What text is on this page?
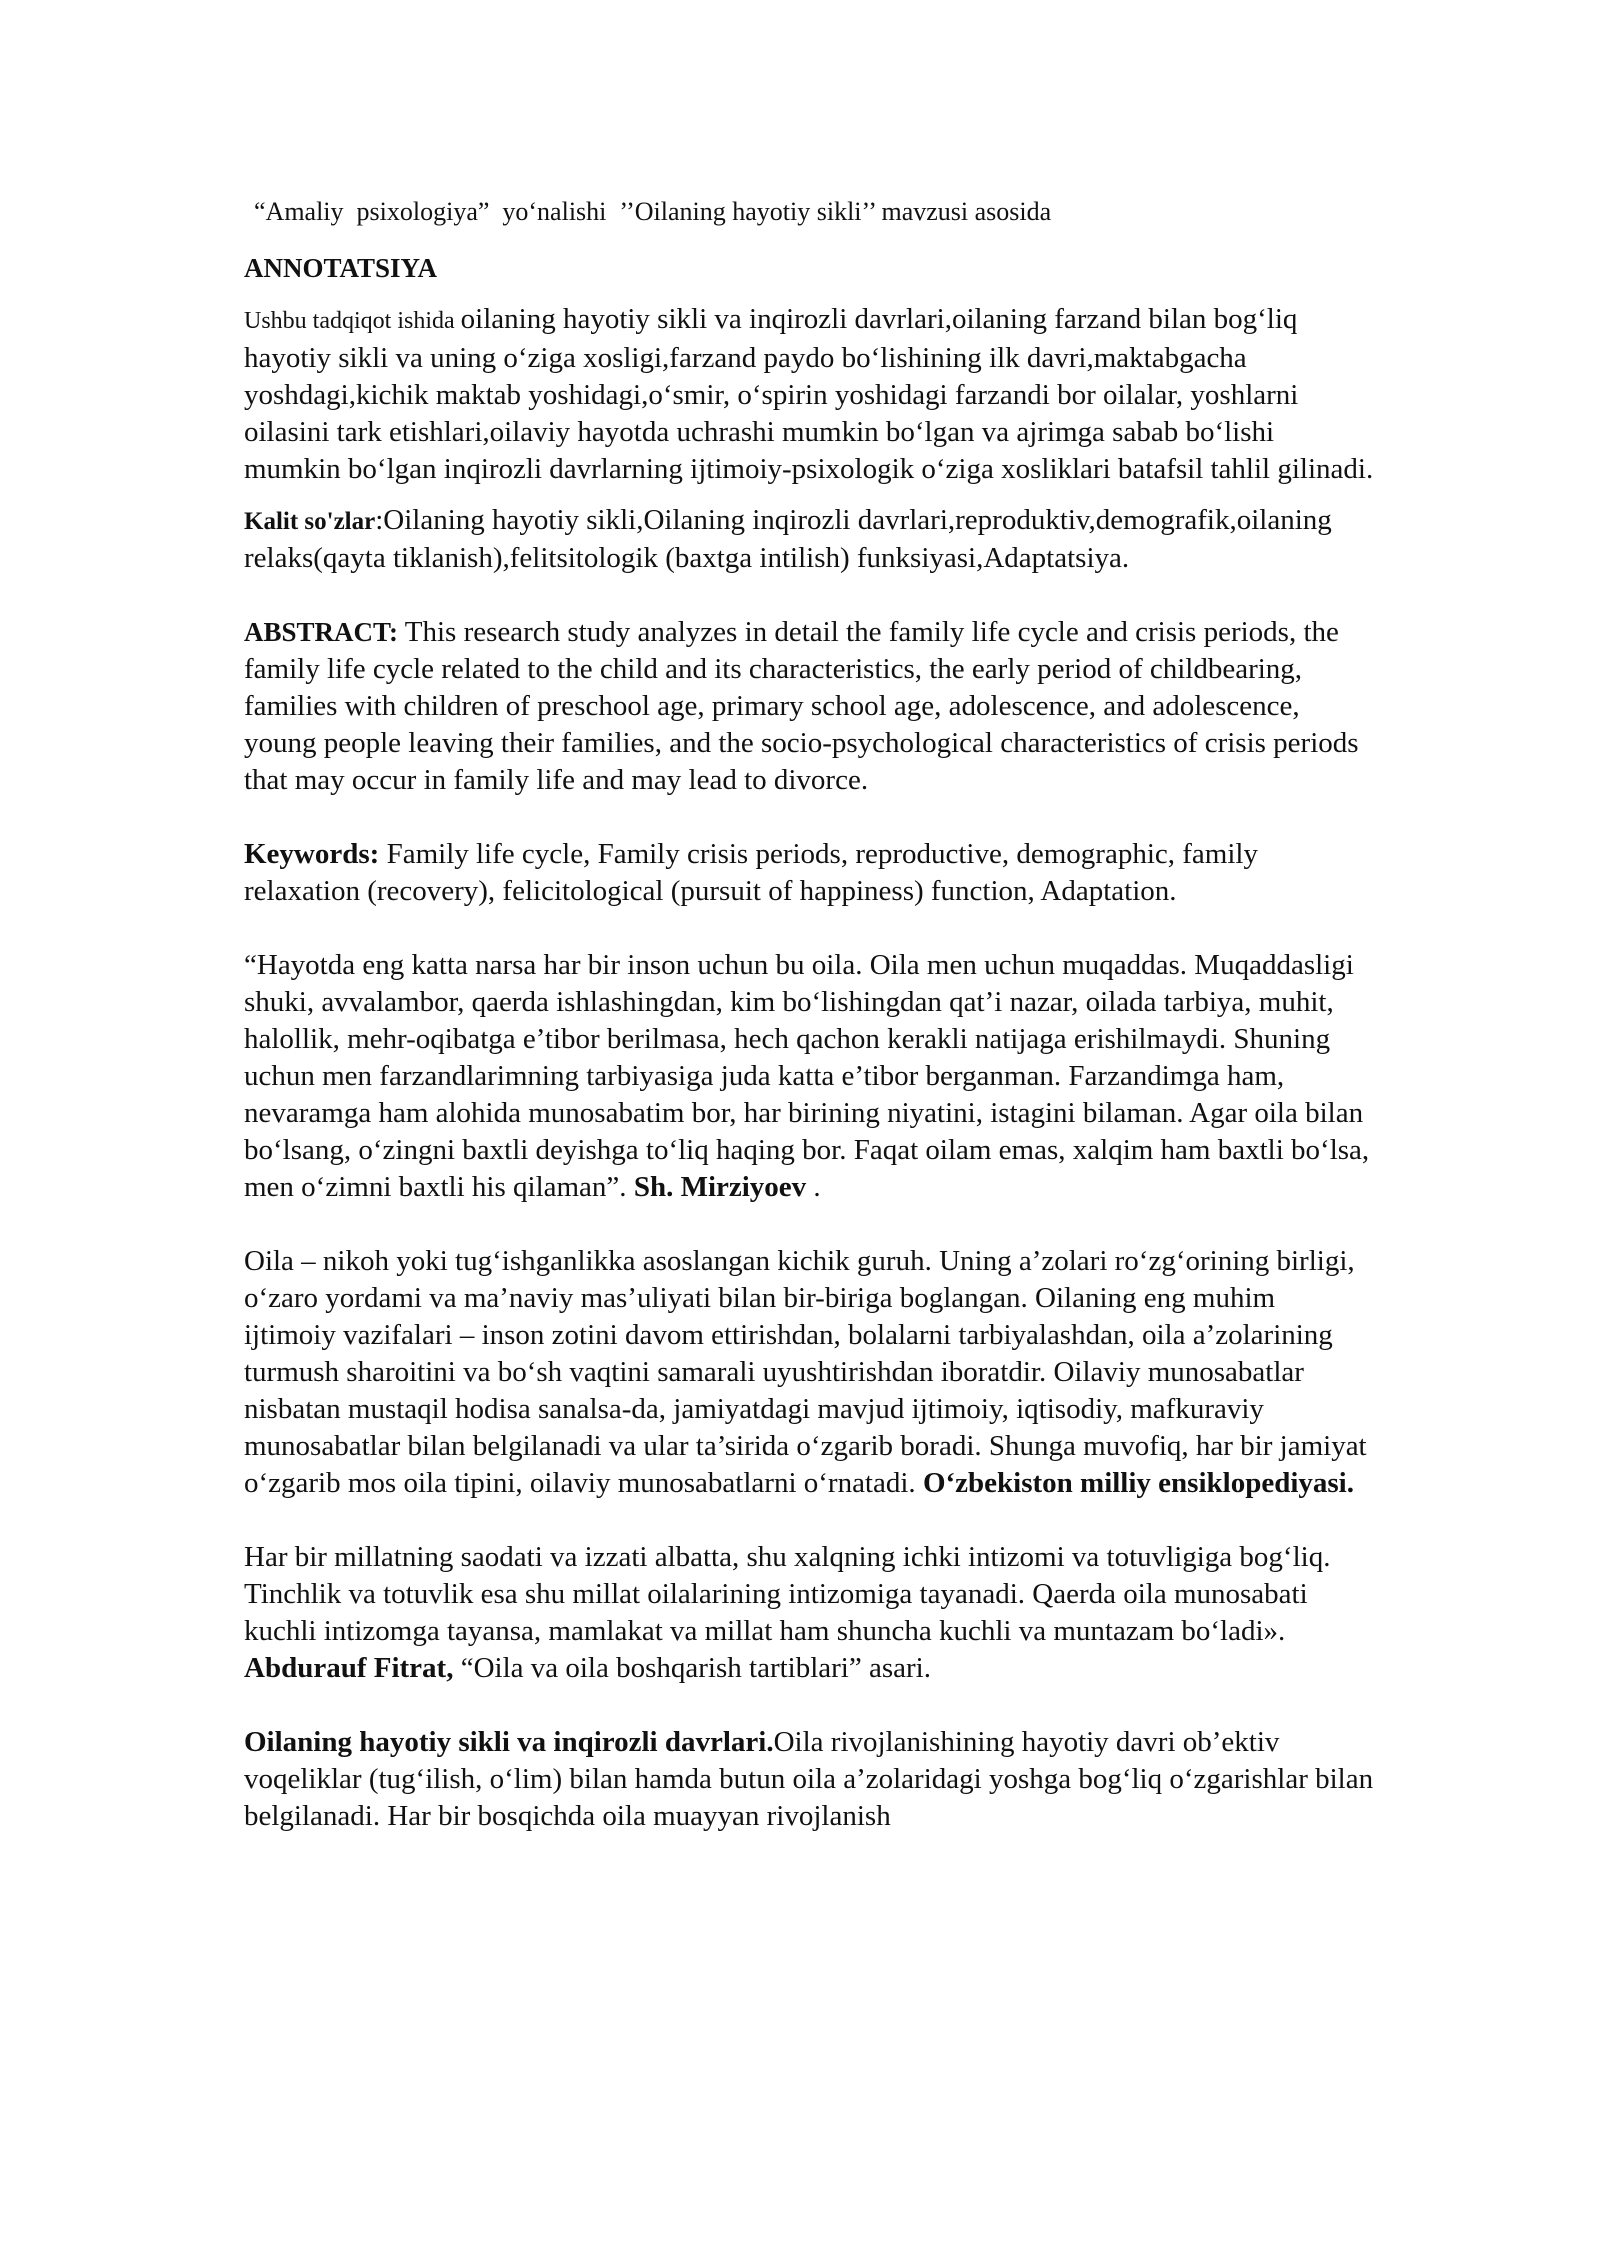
“Amaliy  psixologiya”  yo‘nalishi  ’’Oilaning hayotiy sikli’’ mavzusi asosida
ANNOTATSIYA

Ushbu tadqiqot ishida oilaning hayotiy sikli va inqirozli davrlari,oilaning farzand bilan bog‘liq hayotiy sikli va uning o‘ziga xosligi,farzand paydo bo‘lishining ilk davri,maktabgacha yoshdagi,kichik maktab yoshidagi,o‘smir, o‘spirin yoshidagi farzandi bor oilalar, yoshlarni oilasini tark etishlari,oilaviy hayotda uchrashi mumkin bo‘lgan va ajrimga sabab bo‘lishi mumkin bo‘lgan inqirozli davrlarning ijtimoiy-psixologik o‘ziga xosliklari batafsil tahlil gilinadi.

Kalit so'zlar:Oilaning hayotiy sikli,Oilaning inqirozli davrlari,reproduktiv,demografik,oilaning relaks(qayta tiklanish),felitsitologik (baxtga intilish) funksiyasi,Adaptatsiya.

ABSTRACT: This research study analyzes in detail the family life cycle and crisis periods, the family life cycle related to the child and its characteristics, the early period of childbearing, families with children of preschool age, primary school age, adolescence, and adolescence, young people leaving their families, and the socio-psychological characteristics of crisis periods that may occur in family life and may lead to divorce.

Keywords: Family life cycle, Family crisis periods, reproductive, demographic, family relaxation (recovery), felicitological (pursuit of happiness) function, Adaptation.

“Hayotda eng katta narsa har bir inson uchun bu oila. Oila men uchun muqaddas. Muqaddasligi shuki, avvalambor, qaerda ishlashingdan, kim bo‘lishingdan qat’i nazar, oilada tarbiya, muhit, halollik, mehr-oqibatga e’tibor berilmasa, hech qachon kerakli natijaga erishilmaydi. Shuning uchun men farzandlarimning tarbiyasiga juda katta e’tibor berganman. Farzandimga ham, nevaramga ham alohida munosabatim bor, har birining niyatini, istagini bilaman. Agar oila bilan bo‘lsang, o‘zingni baxtli deyishga to‘liq haqing bor. Faqat oilam emas, xalqim ham baxtli bo‘lsa, men o‘zimni baxtli his qilaman”. Sh. Mirziyoev .

Oila – nikoh yoki tug‘ishganlikka asoslangan kichik guruh. Uning a’zolari ro‘zg‘orining birligi, o‘zaro yordami va ma’naviy mas’uliyati bilan bir-biriga boglangan. Oilaning eng muhim ijtimoiy vazifalari – inson zotini davom ettirishdan, bolalarni tarbiyalashdan, oila a’zolarining turmush sharoitini va bo‘sh vaqtini samarali uyushtirishdan iboratdir. Oilaviy munosabatlar nisbatan mustaqil hodisa sanalsa-da, jamiyatdagi mavjud ijtimoiy, iqtisodiy, mafkuraviy munosabatlar bilan belgilanadi va ular ta’sirida o‘zgarib boradi. Shunga muvofiq, har bir jamiyat o‘zgarib mos oila tipini, oilaviy munosabatlarni o‘rnatadi. O‘zbekiston milliy ensiklopediyasi.

Har bir millatning saodati va izzati albatta, shu xalqning ichki intizomi va totuvligiga bog‘liq. Tinchlik va totuvlik esa shu millat oilalarining intizomiga tayanadi. Qaerda oila munosabati kuchli intizomga tayansa, mamlakat va millat ham shuncha kuchli va muntazam bo‘ladi». Abdurauf Fitrat, “Oila va oila boshqarish tartiblari” asari.

Oilaning hayotiy sikli va inqirozli davrlari.Oila rivojlanishining hayotiy davri ob’ektiv voqeliklar (tug‘ilish, o‘lim) bilan hamda butun oila a’zolaridagi yoshga bog‘liq o‘zgarishlar bilan belgilanadi. Har bir bosqichda oila muayyan rivojlanish
